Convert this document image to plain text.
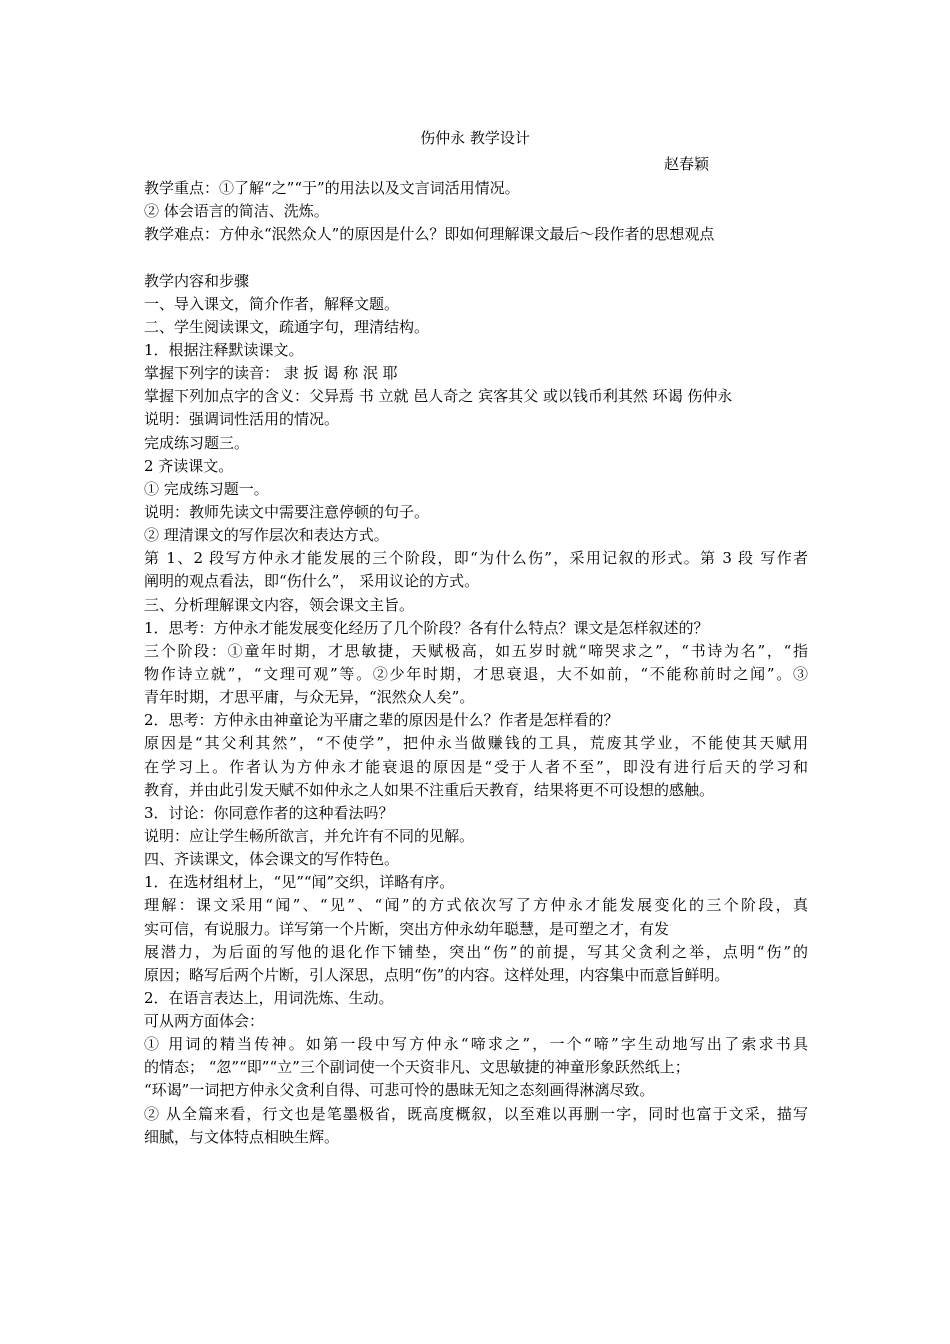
伤仲永 教学设计
赵春颖
教学重点：①了解“之”“于”的用法以及文言词活用情况。
② 体会语言的简洁、洗炼。
教学难点：方仲永“泯然众人”的原因是什么？即如何理解课文最后～段作者的思想观点
教学内容和步骤
一、导入课文，简介作者，解释文题。
二、学生阅读课文，疏通字句，理清结构。
1．根据注释默读课文。
掌握下列字的读音： 隶 扳 谒 称 泯 耶
掌握下列加点字的含义：父异焉 书 立就 邑人奇之 宾客其父 或以钱币利其然 环谒 伤仲永
说明：强调词性活用的情况。
完成练习题三。
2 齐读课文。
① 完成练习题一。
说明：教师先读文中需要注意停顿的句子。
② 理清课文的写作层次和表达方式。
第 1、2 段写方仲永才能发展的三个阶段，即“为什么伤”，采用记叙的形式。第 3 段 写作者
阐明的观点看法，即“伤什么”， 采用议论的方式。
三、分析理解课文内容，领会课文主旨。
1．思考：方仲永才能发展变化经历了几个阶段？各有什么特点？课文是怎样叙述的？
三个阶段：①童年时期，才思敏捷，天赋极高，如五岁时就“啼哭求之”，“书诗为名”，“指
物作诗立就”，“文理可观”等。②少年时期，才思衰退，大不如前，“不能称前时之闻”。③
青年时期，才思平庸，与众无异，“泯然众人矣”。
2．思考：方仲永由神童论为平庸之辈的原因是什么？作者是怎样看的？
原因是“其父利其然”，“不使学”，把仲永当做赚钱的工具，荒废其学业，不能使其天赋用
在学习上。作者认为方仲永才能衰退的原因是“受于人者不至”，即没有进行后天的学习和
教育，并由此引发天赋不如仲永之人如果不注重后天教育，结果将更不可设想的感触。
3．讨论：你同意作者的这种看法吗？
说明：应让学生畅所欲言，并允许有不同的见解。
四、齐读课文，体会课文的写作特色。
1．在选材组材上，“见”“闻”交织，详略有序。
理解：课文采用“闻”、“见”、“闻”的方式依次写了方仲永才能发展变化的三个阶段，真
实可信，有说服力。详写第一个片断，突出方仲永幼年聪慧，是可塑之才，有发
展潜力，为后面的写他的退化作下铺垫，突出“伤”的前提，写其父贪利之举，点明“伤”的
原因；略写后两个片断，引人深思，点明“伤”的内容。这样处理，内容集中而意旨鲜明。
2．在语言表达上，用词洗炼、生动。
可从两方面体会：
① 用词的精当传神。如第一段中写方仲永“啼求之”，一个“啼”字生动地写出了索求书具
的情态； “忽”“即”“立”三个副词使一个天资非凡、文思敏捷的神童形象跃然纸上；
“环谒”一词把方仲永父贪利自得、可悲可怜的愚昧无知之态刻画得淋漓尽致。
② 从全篇来看，行文也是笔墨极省，既高度概叙，以至难以再删一字，同时也富于文采，描写
细腻，与文体特点相映生辉。
